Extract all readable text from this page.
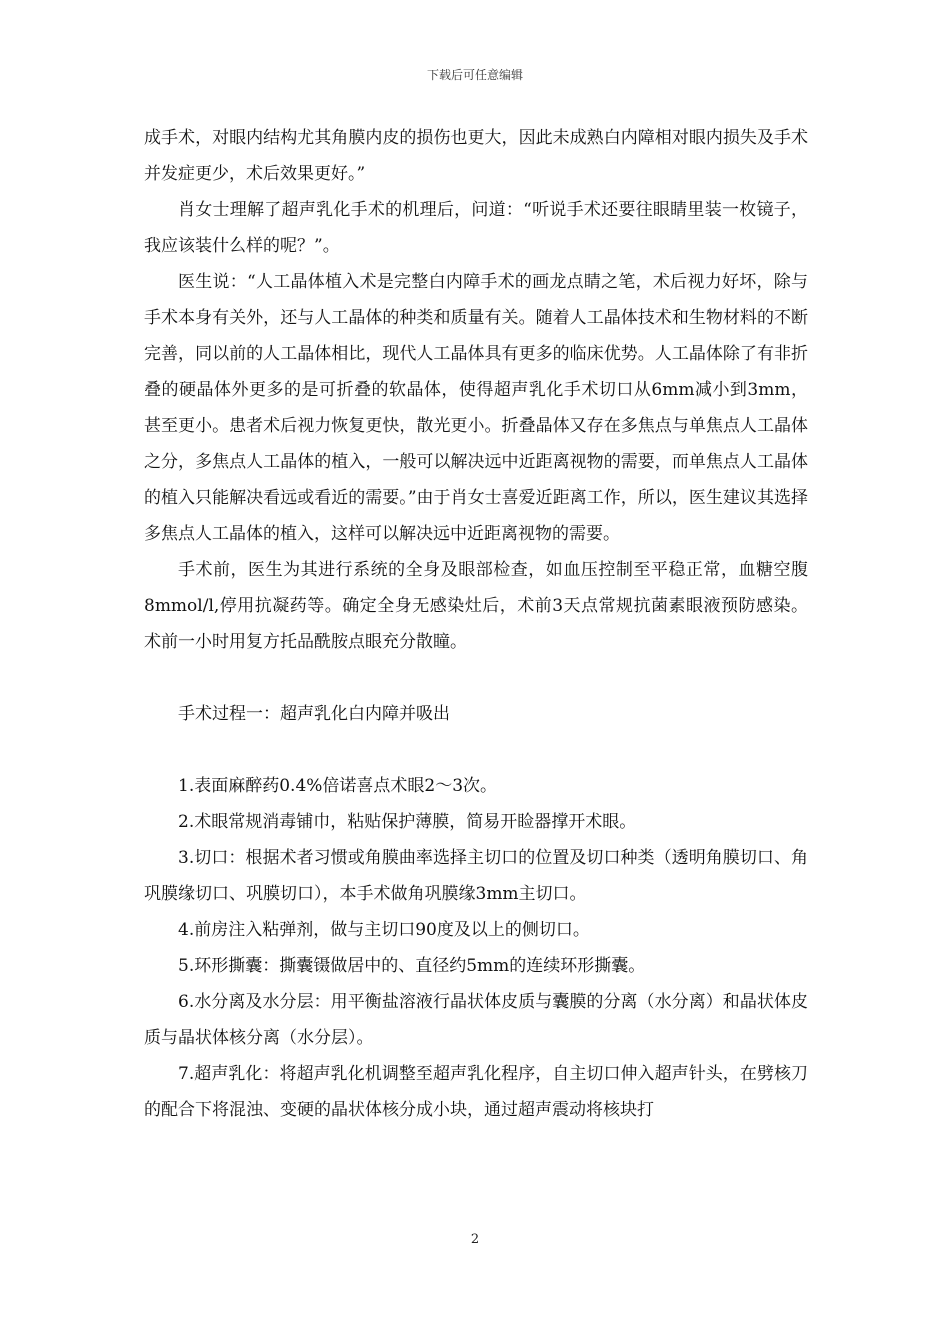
下载后可任意编辑

成手术，对眼内结构尤其角膜内皮的损伤也更大，因此未成熟白内障相对眼内损失及手术并发症更少，术后效果更好。”

肖女士理解了超声乳化手术的机理后，问道：“听说手术还要往眼睛里装一枚镜子，我应该装什么样的呢？”。

医生说：“人工晶体植入术是完整白内障手术的画龙点睛之笔，术后视力好坏，除与手术本身有关外，还与人工晶体的种类和质量有关。随着人工晶体技术和生物材料的不断完善，同以前的人工晶体相比，现代人工晶体具有更多的临床优势。人工晶体除了有非折叠的硬晶体外更多的是可折叠的软晶体，使得超声乳化手术切口从6mm减小到3mm，甚至更小。患者术后视力恢复更快，散光更小。折叠晶体又存在多焦点与单焦点人工晶体之分，多焦点人工晶体的植入，一般可以解决远中近距离视物的需要，而单焦点人工晶体的植入只能解决看远或看近的需要。”由于肖女士喜爱近距离工作，所以，医生建议其选择多焦点人工晶体的植入，这样可以解决远中近距离视物的需要。

手术前，医生为其进行系统的全身及眼部检查，如血压控制至平稳正常，血糖空腹8mmol/l,停用抗凝药等。确定全身无感染灶后，术前3天点常规抗菌素眼液预防感染。术前一小时用复方托品酰胺点眼充分散瞳。

手术过程一：超声乳化白内障并吸出

1.表面麻醉药0.4%倍诺喜点术眼2～3次。

2.术眼常规消毒铺巾，粘贴保护薄膜，简易开睑器撑开术眼。

3.切口：根据术者习惯或角膜曲率选择主切口的位置及切口种类（透明角膜切口、角巩膜缘切口、巩膜切口），本手术做角巩膜缘3mm主切口。

4.前房注入粘弹剂，做与主切口90度及以上的侧切口。

5.环形撕囊：撕囊镊做居中的、直径约5mm的连续环形撕囊。

6.水分离及水分层：用平衡盐溶液行晶状体皮质与囊膜的分离（水分离）和晶状体皮质与晶状体核分离（水分层）。

7.超声乳化：将超声乳化机调整至超声乳化程序，自主切口伸入超声针头，在劈核刀的配合下将混浊、变硬的晶状体核分成小块，通过超声震动将核块打

2
